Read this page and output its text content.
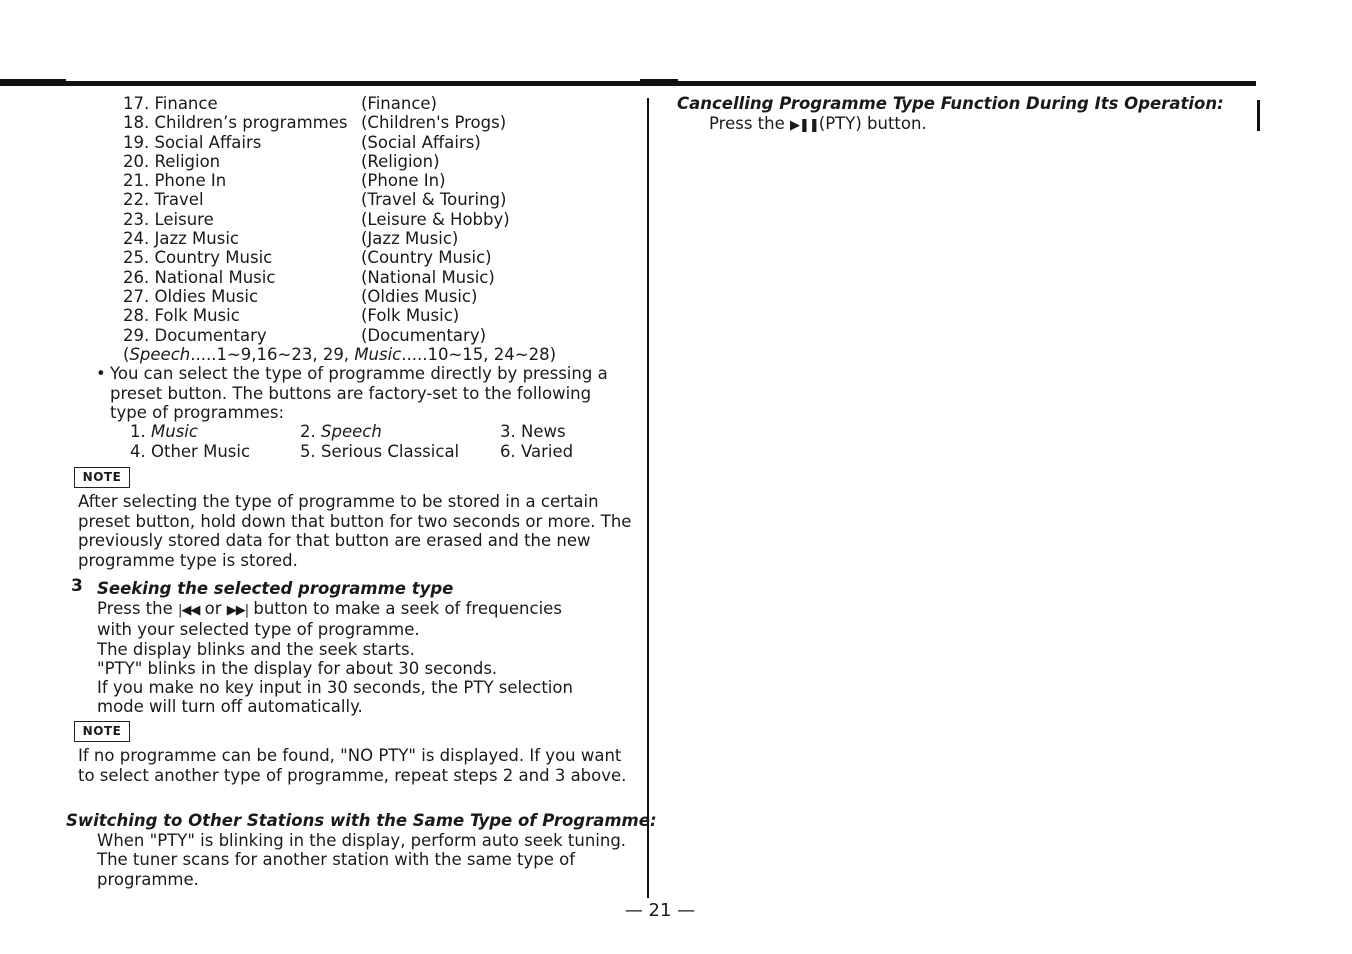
17. Finance	(Finance)
18. Children’s programmes (Children's Progs)
19. Social Affairs	(Social Affairs)
20. Religion	(Religion)
21. Phone In	(Phone In)
22. Travel	(Travel & Touring)
23. Leisure	(Leisure & Hobby)
24. Jazz Music	(Jazz Music)
25. Country Music	(Country Music)
26. National Music	(National Music)
27. Oldies Music	(Oldies Music)
28. Folk Music	(Folk Music)
29. Documentary	(Documentary)
(Speech.....1~9,16~23, 29, Music.....10~15, 24~28)
• You can select the type of programme directly by pressing a preset button. The buttons are factory-set to the following type of programmes:
1. Music	2. Speech	3. News
4. Other Music	5. Serious Classical	6. Varied
NOTE
After selecting the type of programme to be stored in a certain preset button, hold down that button for two seconds or more. The previously stored data for that button are erased and the new programme type is stored.
3 Seeking the selected programme type
Press the |◀◀ or ▶▶| button to make a seek of frequencies
with your selected type of programme.
The display blinks and the seek starts.
"PTY" blinks in the display for about 30 seconds.
If you make no key input in 30 seconds, the PTY selection
mode will turn off automatically.
NOTE
If no programme can be found, "NO PTY" is displayed. If you want to select another type of programme, repeat steps 2 and 3 above.
Switching to Other Stations with the Same Type of Programme:
When "PTY" is blinking in the display, perform auto seek tuning.
The tuner scans for another station with the same type of
programme.
Cancelling Programme Type Function During Its Operation:
Press the ▶❚❚(PTY) button.
— 21 —
